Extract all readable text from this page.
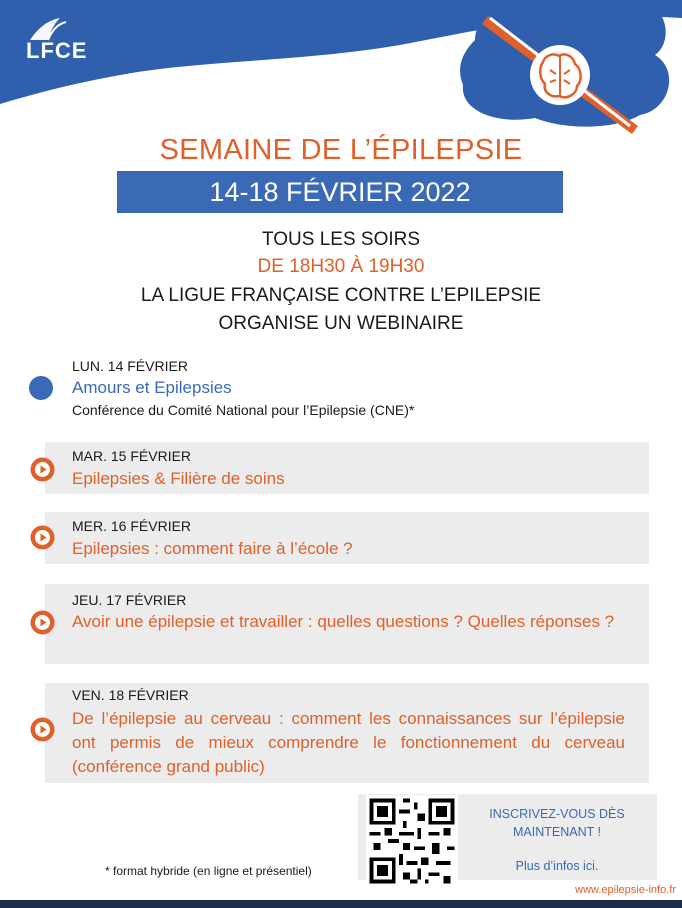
LFCE
SEMAINE DE L’ÉPILEPSIE
14-18 FÉVRIER 2022
TOUS LES SOIRS
DE 18H30 À 19H30
LA LIGUE FRANÇAISE CONTRE L’EPILEPSIE
ORGANISE UN WEBINAIRE
LUN. 14 FÉVRIER
Amours et Epilepsies
Conférence du Comité National pour l’Epilepsie (CNE)*
MAR. 15 FÉVRIER
Epilepsies & Filière de soins
MER. 16 FÉVRIER
Epilepsies : comment faire à l’école ?
JEU. 17 FÉVRIER
Avoir une épilepsie et travailler : quelles questions ? Quelles réponses ?
VEN. 18 FÉVRIER
De l’épilepsie au cerveau : comment les connaissances sur l’épilepsie ont permis de mieux comprendre le fonctionnement du cerveau (conférence grand public)
INSCRIVEZ-VOUS DÈS
MAINTENANT !
Plus d’infos ici.
* format hybride (en ligne et présentiel)
www.epilepsie-info.fr
